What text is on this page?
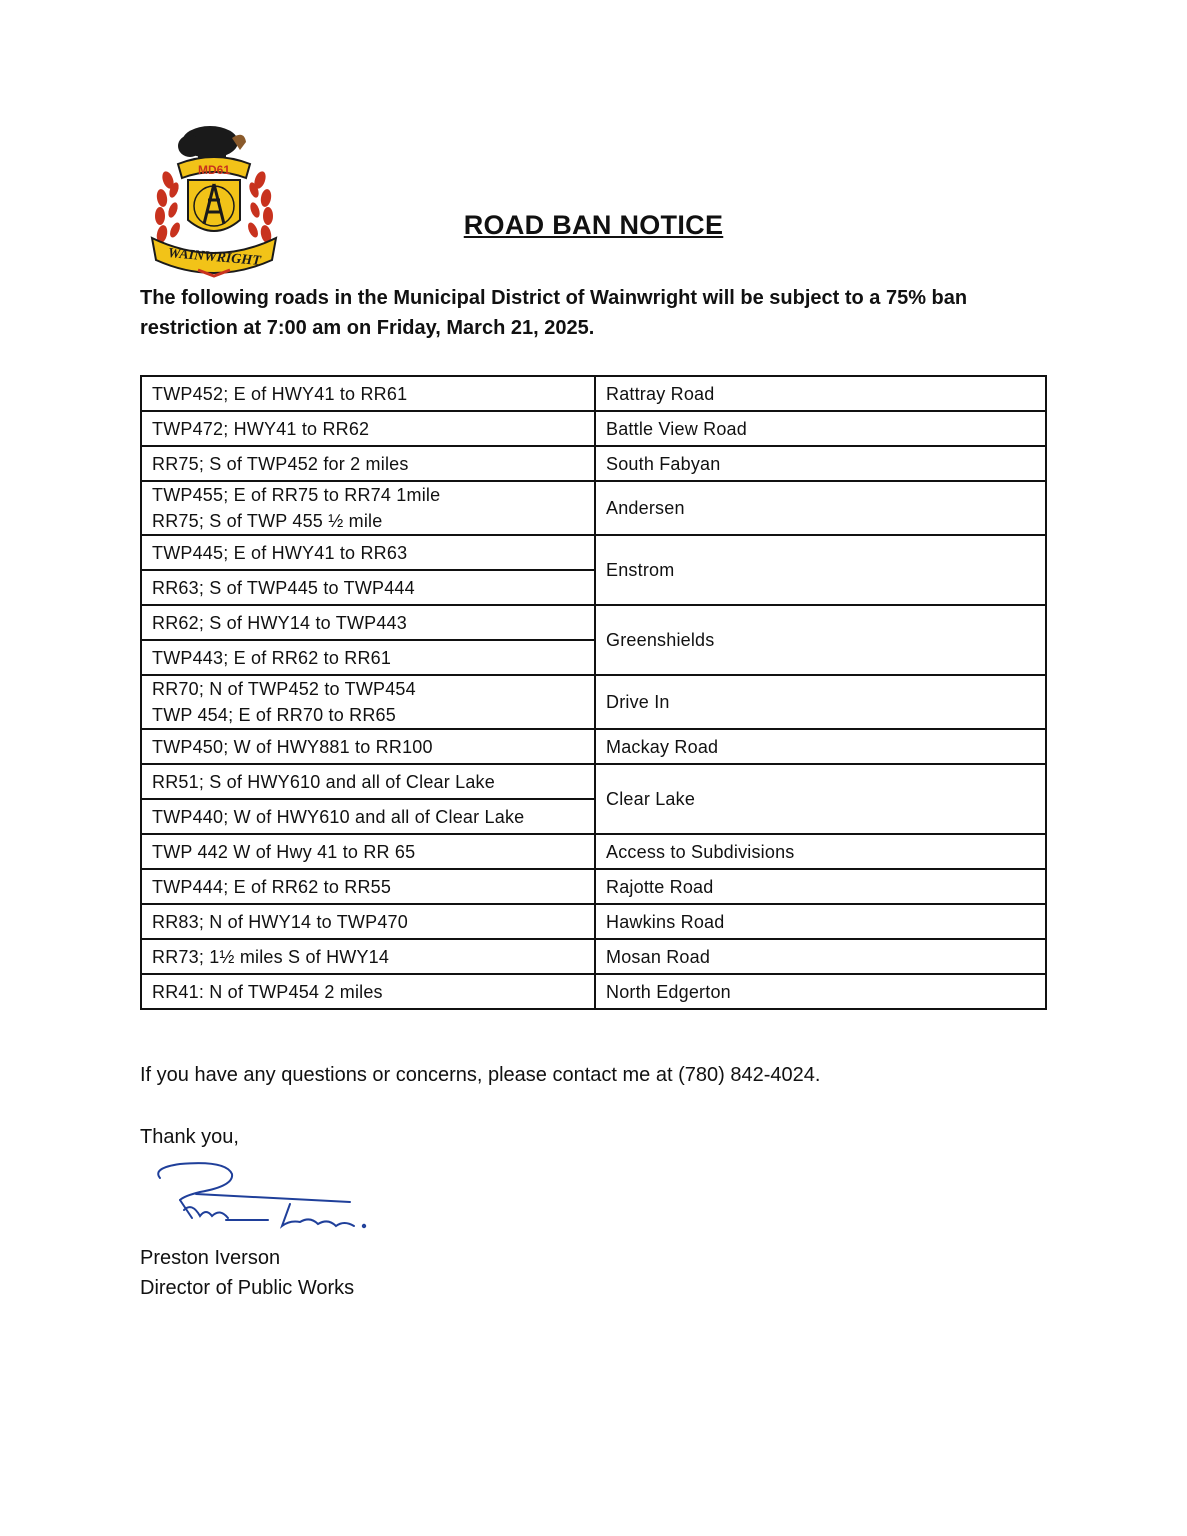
MD61
WAINWRIGHT
ROAD BAN NOTICE
The following roads in the Municipal District of Wainwright will be subject to a 75% ban restriction at 7:00 am on Friday, March 21, 2025.
TWP452; E of HWY41 to RR61	Rattray Road

TWP472; HWY41 to RR62	Battle View Road

RR75; S of TWP452 for 2 miles	South Fabyan

TWP455; E of RR75 to RR74 1mile
RR75; S of TWP 455 ½ mile	Andersen

TWP445; E of HWY41 to RR63	Enstrom

RR63; S of TWP445 to TWP444	

RR62; S of HWY14 to TWP443	Greenshields

TWP443; E of RR62 to RR61	

RR70; N of TWP452 to TWP454
TWP 454; E of RR70 to RR65	Drive In

TWP450; W of HWY881 to RR100	Mackay Road

RR51; S of HWY610 and all of Clear Lake	Clear Lake

TWP440; W of HWY610 and all of Clear Lake	

TWP 442 W of Hwy 41 to RR 65	Access to Subdivisions

TWP444; E of RR62 to RR55	Rajotte Road

RR83; N of HWY14 to TWP470	Hawkins Road

RR73; 1½ miles S of HWY14	Mosan Road

RR41: N of TWP454 2 miles	North Edgerton
If you have any questions or concerns, please contact me at (780) 842-4024.
Thank you,
Preston Iverson
Director of Public Works
